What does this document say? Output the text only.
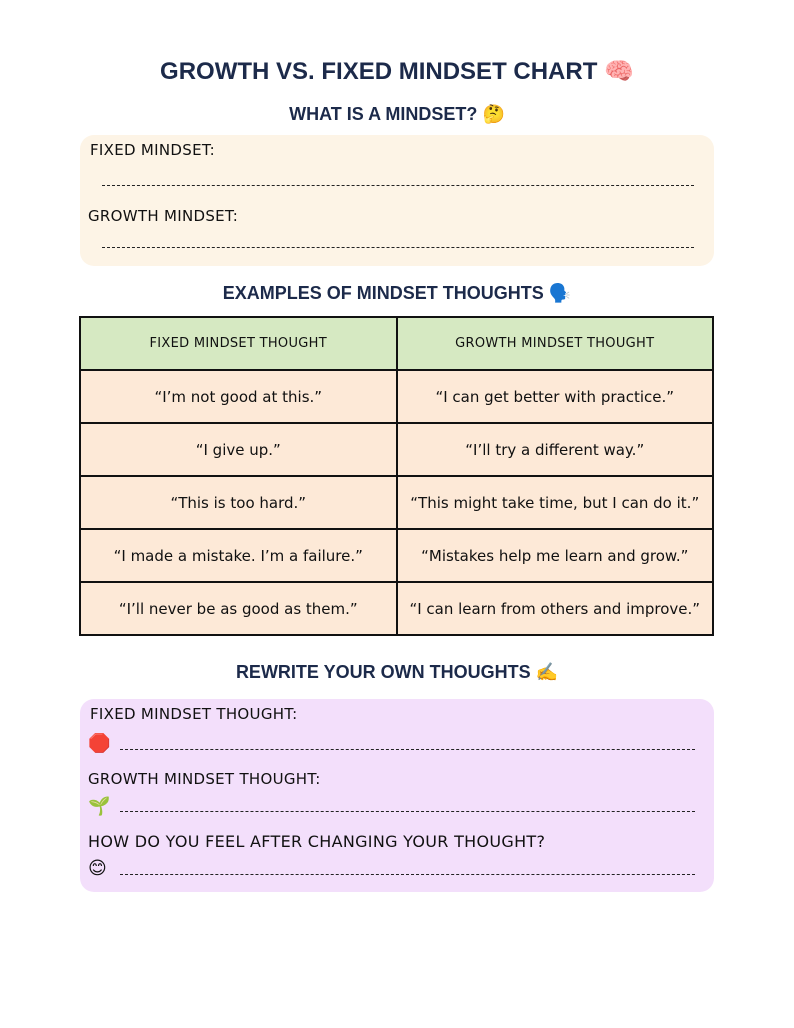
GROWTH VS. FIXED MINDSET CHART 🧠
WHAT IS A MINDSET? 🤔
FIXED MINDSET:
GROWTH MINDSET:
EXAMPLES OF MINDSET THOUGHTS 🗣️
FIXED MINDSET THOUGHT	GROWTH MINDSET THOUGHT
“I’m not good at this.”	“I can get better with practice.”
“I give up.”	“I’ll try a different way.”
“This is too hard.”	“This might take time, but I can do it.”
“I made a mistake. I’m a failure.”	“Mistakes help me learn and grow.”
“I’ll never be as good as them.”	“I can learn from others and improve.”
REWRITE YOUR OWN THOUGHTS ✍️
FIXED MINDSET THOUGHT:
🛑
GROWTH MINDSET THOUGHT:
🌱
HOW DO YOU FEEL AFTER CHANGING YOUR THOUGHT?
😊
